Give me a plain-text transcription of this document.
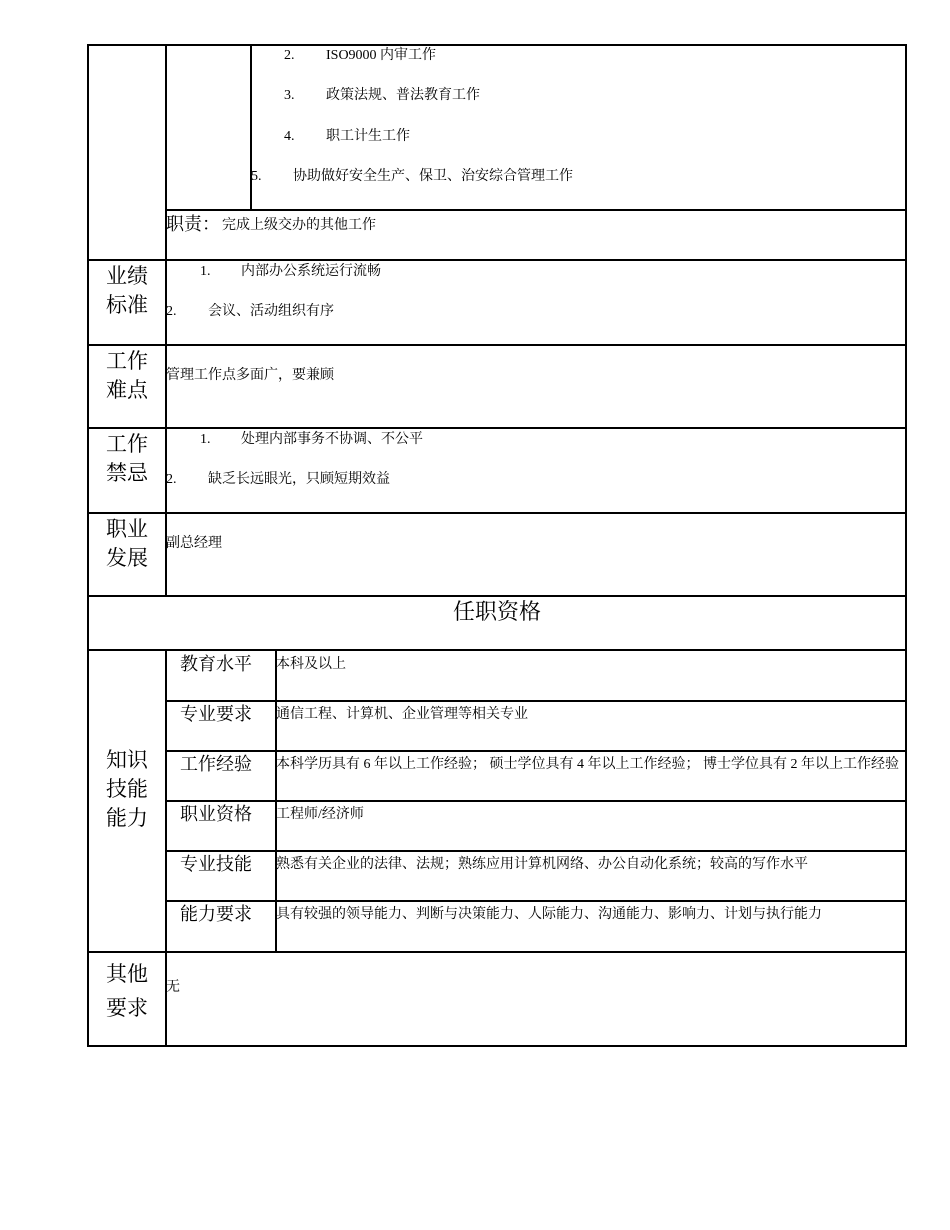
2. ISO9000 内审工作
3. 政策法规、普法教育工作
4. 职工计生工作
5. 协助做好安全生产、保卫、治安综合管理工作
职责： 完成上级交办的其他工作
业绩
标准
1. 内部办公系统运行流畅
2. 会议、活动组织有序
工作
难点
管理工作点多面广，要兼顾
工作
禁忌
1. 处理内部事务不协调、不公平
2. 缺乏长远眼光，只顾短期效益
职业
发展
副总经理
任职资格
知识
技能
能力
教育水平 本科及以上
专业要求 通信工程、计算机、企业管理等相关专业
工作经验 本科学历具有 6 年以上工作经验； 硕士学位具有 4 年以上工作经验； 博士学位具有 2 年以上工作经验
职业资格 工程师/经济师
专业技能 熟悉有关企业的法律、法规；熟练应用计算机网络、办公自动化系统；较高的写作水平
能力要求 具有较强的领导能力、判断与决策能力、人际能力、沟通能力、影响力、计划与执行能力
其他
要求
无
